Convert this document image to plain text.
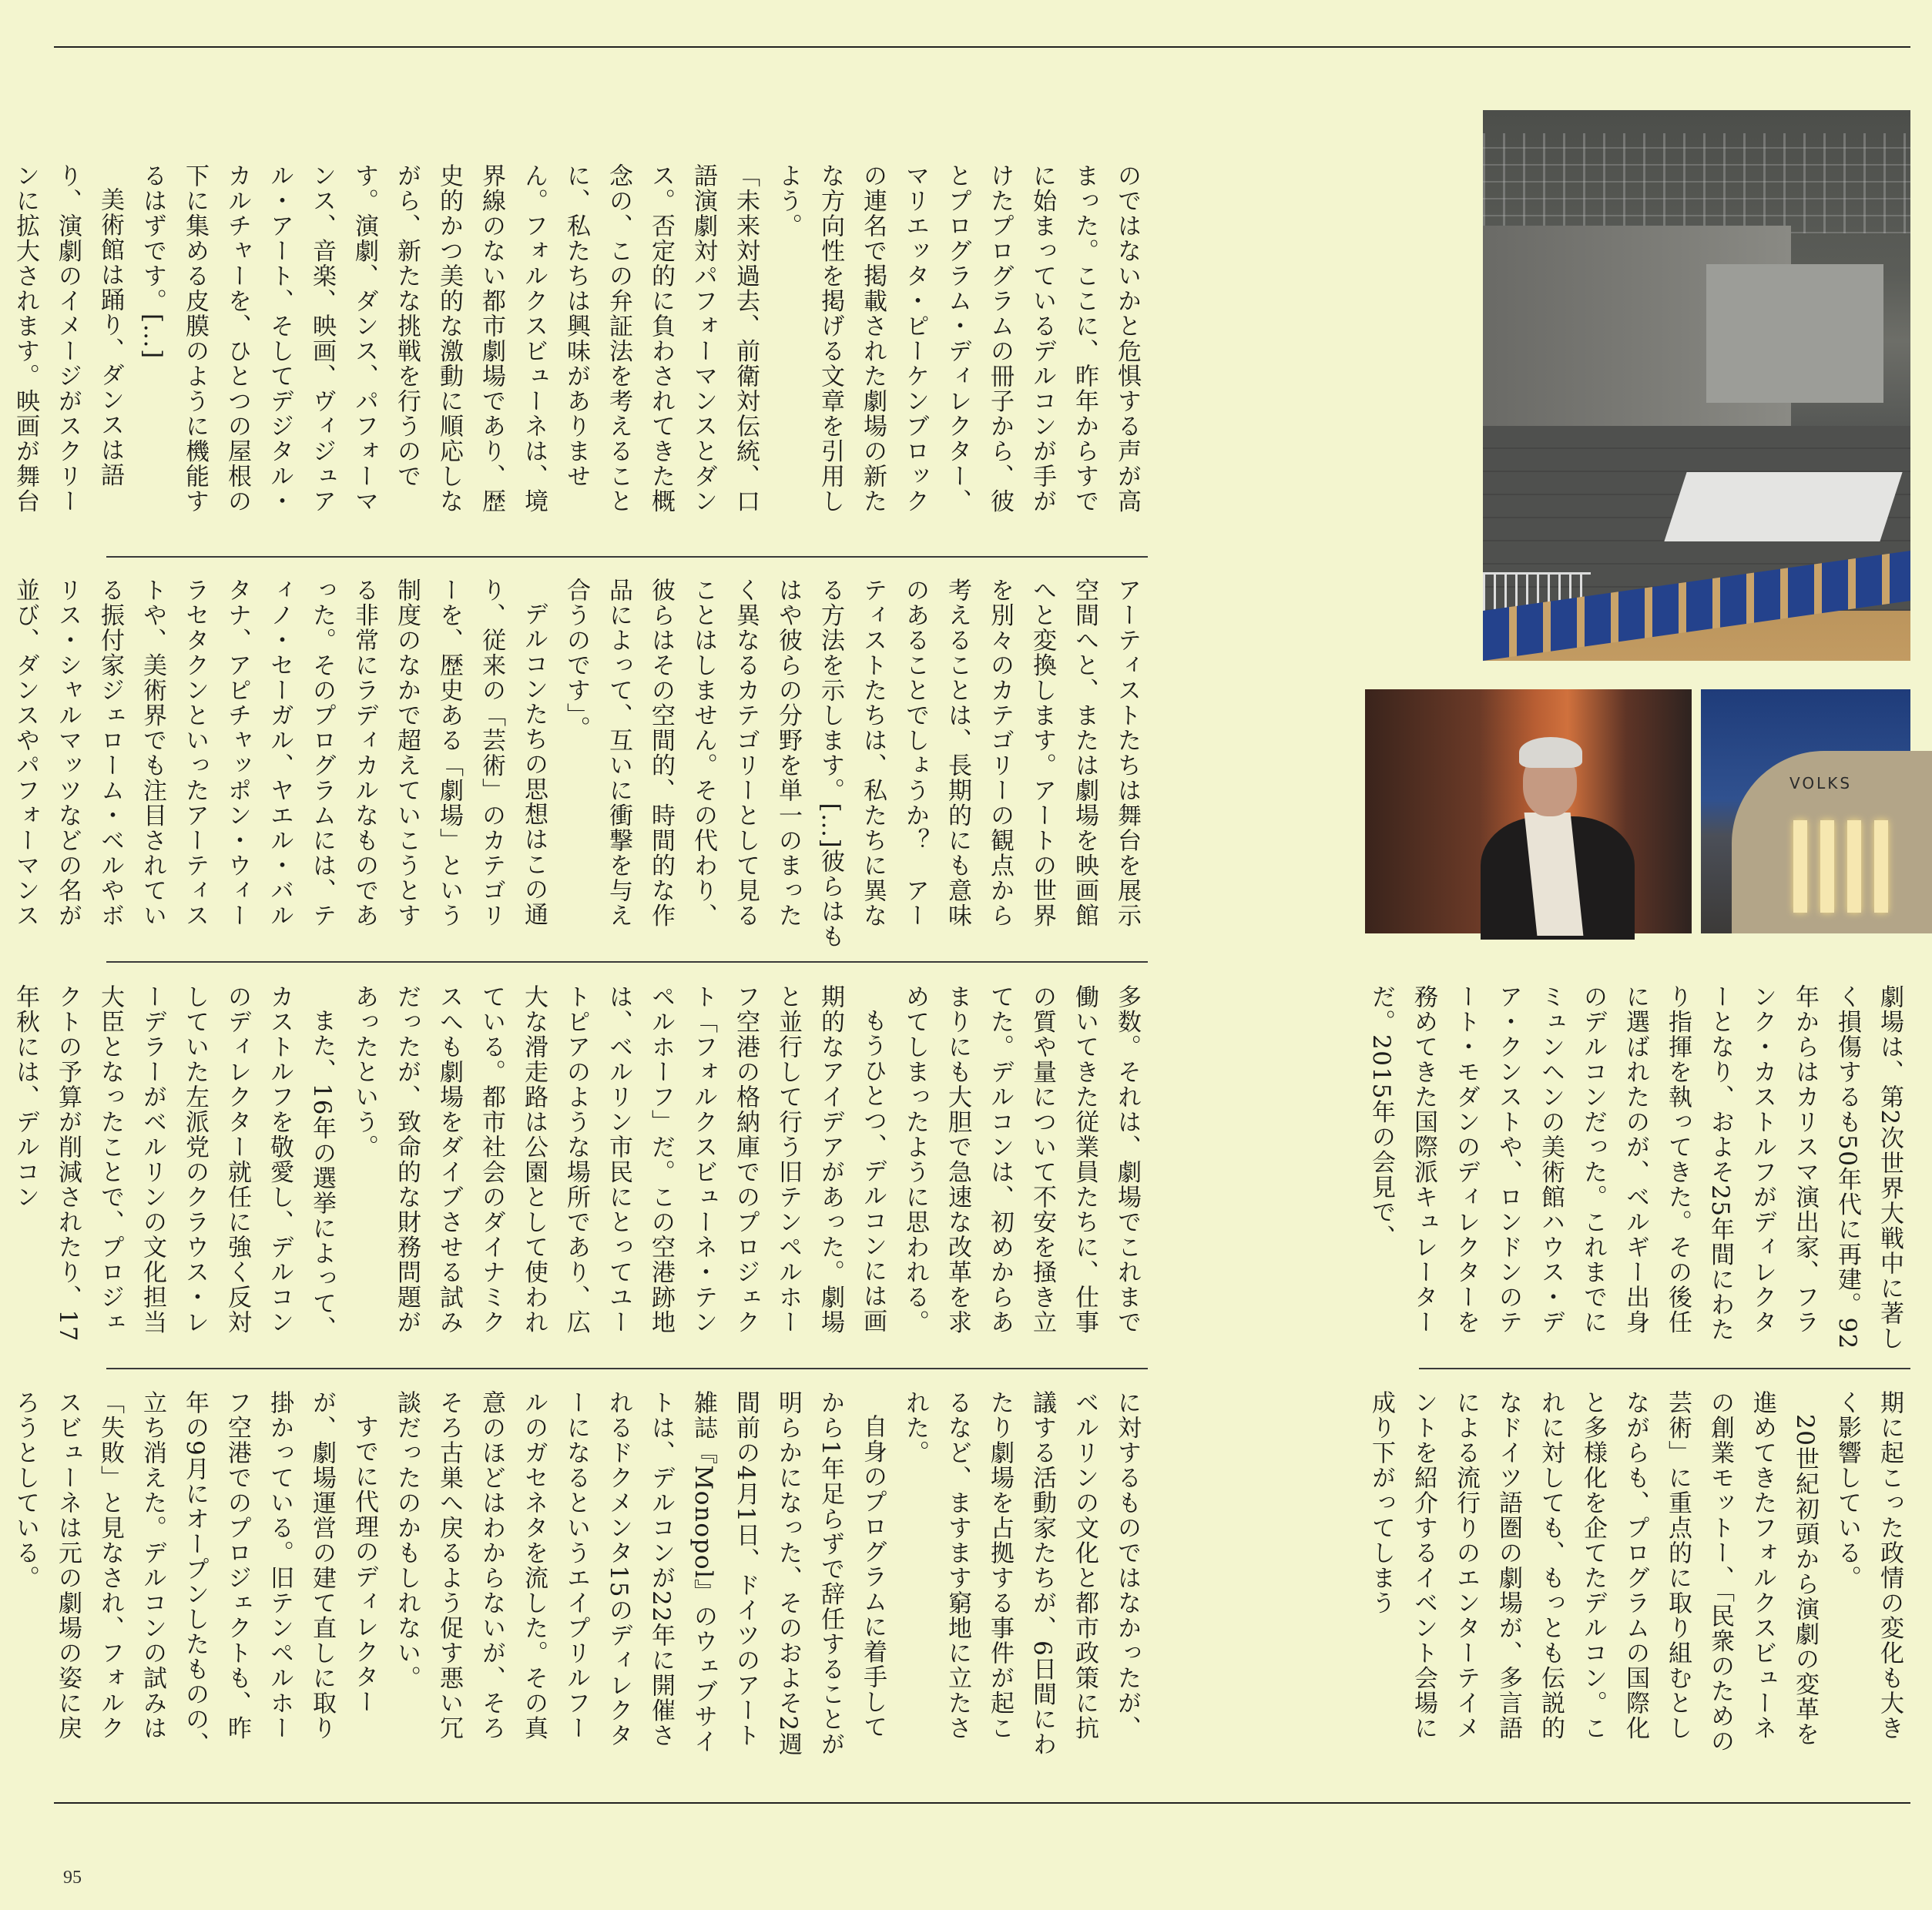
のではないかと危惧する声が高まった。ここに、昨年からすでに始まっているデルコンが手がけたプログラムの冊子から、彼とプログラム・ディレクター、マリエッタ・ピーケンブロックの連名で掲載された劇場の新たな方向性を掲げる文章を引用しよう。

「未来対過去、前衛対伝統、口語演劇対パフォーマンスとダンス。否定的に負わされてきた概念の、この弁証法を考えることに、私たちは興味がありません。フォルクスビューネは、境界線のない都市劇場であり、歴史的かつ美的な激動に順応しながら、新たな挑戦を行うのです。演劇、ダンス、パフォーマンス、音楽、映画、ヴィジュアル・アート、そしてデジタル・カルチャーを、ひとつの屋根の下に集める皮膜のように機能するはずです。[…]

美術館は踊り、ダンスは語り、演劇のイメージがスクリーンに拡大されます。映画が舞台

アーティストたちは舞台を展示空間へと、または劇場を映画館へと変換します。アートの世界を別々のカテゴリーの観点から考えることは、長期的にも意味のあることでしょうか？　アーティストたちは、私たちに異なる方法を示します。[…]彼らはもはや彼らの分野を単一のまったく異なるカテゴリーとして見ることはしません。その代わり、彼らはその空間的、時間的な作品によって、互いに衝撃を与え合うのです」。

デルコンたちの思想はこの通り、従来の「芸術」のカテゴリーを、歴史ある「劇場」という制度のなかで超えていこうとする非常にラディカルなものであった。そのプログラムには、ティノ・セーガル、ヤエル・バルタナ、アピチャッポン・ウィーラセタクンといったアーティストや、美術界でも注目されている振付家ジェローム・ベルやボリス・シャルマッツなどの名が並び、ダンスやパフォーマンス

多数。それは、劇場でこれまで働いてきた従業員たちに、仕事の質や量について不安を掻き立てた。デルコンは、初めからあまりにも大胆で急速な改革を求めてしまったように思われる。

もうひとつ、デルコンには画期的なアイデアがあった。劇場と並行して行う旧テンペルホーフ空港の格納庫でのプロジェクト「フォルクスビューネ・テンペルホーフ」だ。この空港跡地は、ベルリン市民にとってユートピアのような場所であり、広大な滑走路は公園として使われている。都市社会のダイナミクスへも劇場をダイブさせる試みだったが、致命的な財務問題があったという。

また、16年の選挙によって、カストルフを敬愛し、デルコンのディレクター就任に強く反対していた左派党のクラウス・レーデラーがベルリンの文化担当大臣となったことで、プロジェクトの予算が削減されたり、17年秋には、デルコン

に対するものではなかったが、ベルリンの文化と都市政策に抗議する活動家たちが、6日間にわたり劇場を占拠する事件が起こるなど、ますます窮地に立たされた。

自身のプログラムに着手してから1年足らずで辞任することが明らかになった、そのおよそ2週間前の4月1日、ドイツのアート雑誌『Monopol』のウェブサイトは、デルコンが22年に開催されるドクメンタ15のディレクターになるというエイプリルフールのガセネタを流した。その真意のほどはわからないが、そろそろ古巣へ戻るよう促す悪い冗談だったのかもしれない。

すでに代理のディレクターが、劇場運営の建て直しに取り掛かっている。旧テンペルホーフ空港でのプロジェクトも、昨年の9月にオープンしたものの、立ち消えた。デルコンの試みは「失敗」と見なされ、フォルクスビューネは元の劇場の姿に戻ろうとしている。

劇場は、第2次世界大戦中に著しく損傷するも50年代に再建。92年からはカリスマ演出家、フランク・カストルフがディレクターとなり、およそ25年間にわたり指揮を執ってきた。その後任に選ばれたのが、ベルギー出身のデルコンだった。これまでにミュンヘンの美術館ハウス・デア・クンストや、ロンドンのテート・モダンのディレクターを務めてきた国際派キュレーターだ。2015年の会見で、

期に起こった政情の変化も大きく影響している。

20世紀初頭から演劇の変革を進めてきたフォルクスビューネの創業モットー、「民衆のための芸術」に重点的に取り組むとしながらも、プログラムの国際化と多様化を企てたデルコン。これに対しても、もっとも伝説的なドイツ語圏の劇場が、多言語による流行りのエンターテイメントを紹介するイベント会場に成り下がってしまう

VOLKS
95
